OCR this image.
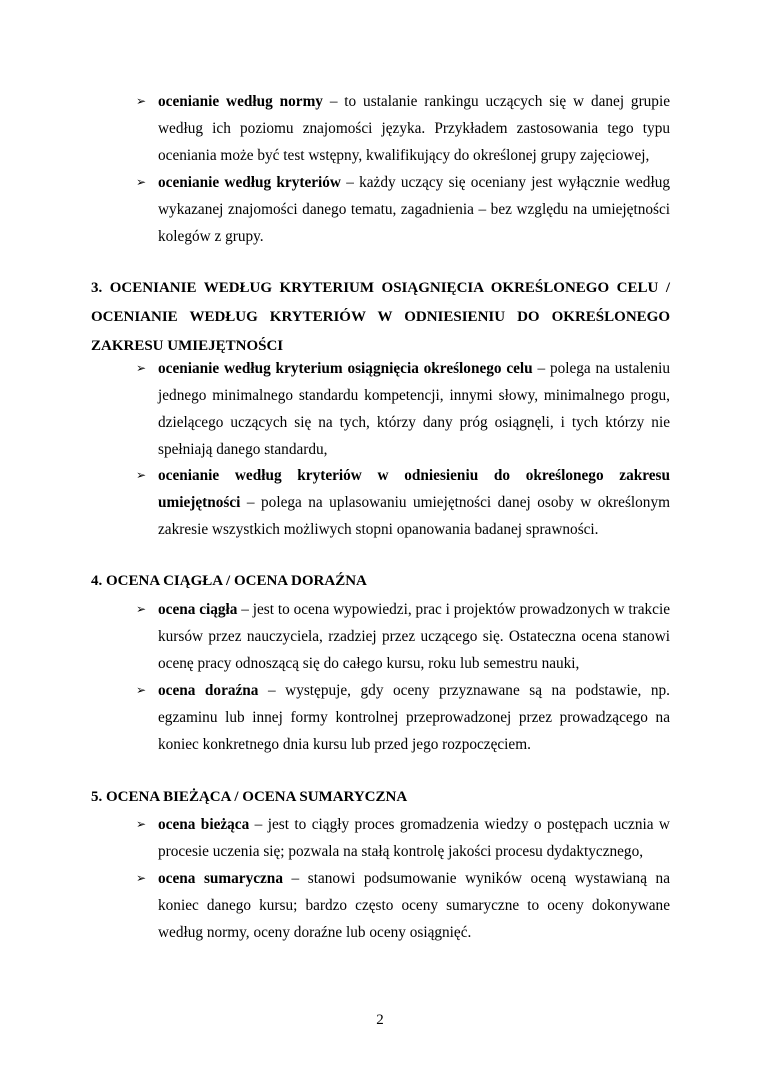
➢ ocenianie według normy – to ustalanie rankingu uczących się w danej grupie według ich poziomu znajomości języka. Przykładem zastosowania tego typu oceniania może być test wstępny, kwalifikujący do określonej grupy zajęciowej,
➢ ocenianie według kryteriów – każdy uczący się oceniany jest wyłącznie według wykazanej znajomości danego tematu, zagadnienia – bez względu na umiejętności kolegów z grupy.
3. OCENIANIE WEDŁUG KRYTERIUM OSIĄGNIĘCIA OKREŚLONEGO CELU / OCENIANIE WEDŁUG KRYTERIÓW W ODNIESIENIU DO OKREŚLONEGO ZAKRESU UMIEJĘTNOŚCI
➢ ocenianie według kryterium osiągnięcia określonego celu – polega na ustaleniu jednego minimalnego standardu kompetencji, innymi słowy, minimalnego progu, dzielącego uczących się na tych, którzy dany próg osiągnęli, i tych którzy nie spełniają danego standardu,
➢ ocenianie według kryteriów w odniesieniu do określonego zakresu umiejętności – polega na uplasowaniu umiejętności danej osoby w określonym zakresie wszystkich możliwych stopni opanowania badanej sprawności.
4. OCENA CIĄGŁA / OCENA DORAŹNA
➢ ocena ciągła – jest to ocena wypowiedzi, prac i projektów prowadzonych w trakcie kursów przez nauczyciela, rzadziej przez uczącego się. Ostateczna ocena stanowi ocenę pracy odnoszącą się do całego kursu, roku lub semestru nauki,
➢ ocena doraźna – występuje, gdy oceny przyznawane są na podstawie, np. egzaminu lub innej formy kontrolnej przeprowadzonej przez prowadzącego na koniec konkretnego dnia kursu lub przed jego rozpoczęciem.
5. OCENA BIEŻĄCA / OCENA SUMARYCZNA
➢ ocena bieżąca – jest to ciągły proces gromadzenia wiedzy o postępach ucznia w procesie uczenia się; pozwala na stałą kontrolę jakości procesu dydaktycznego,
➢ ocena sumaryczna – stanowi podsumowanie wyników oceną wystawianą na koniec danego kursu; bardzo często oceny sumaryczne to oceny dokonywane według normy, oceny doraźne lub oceny osiągnięć.
2
